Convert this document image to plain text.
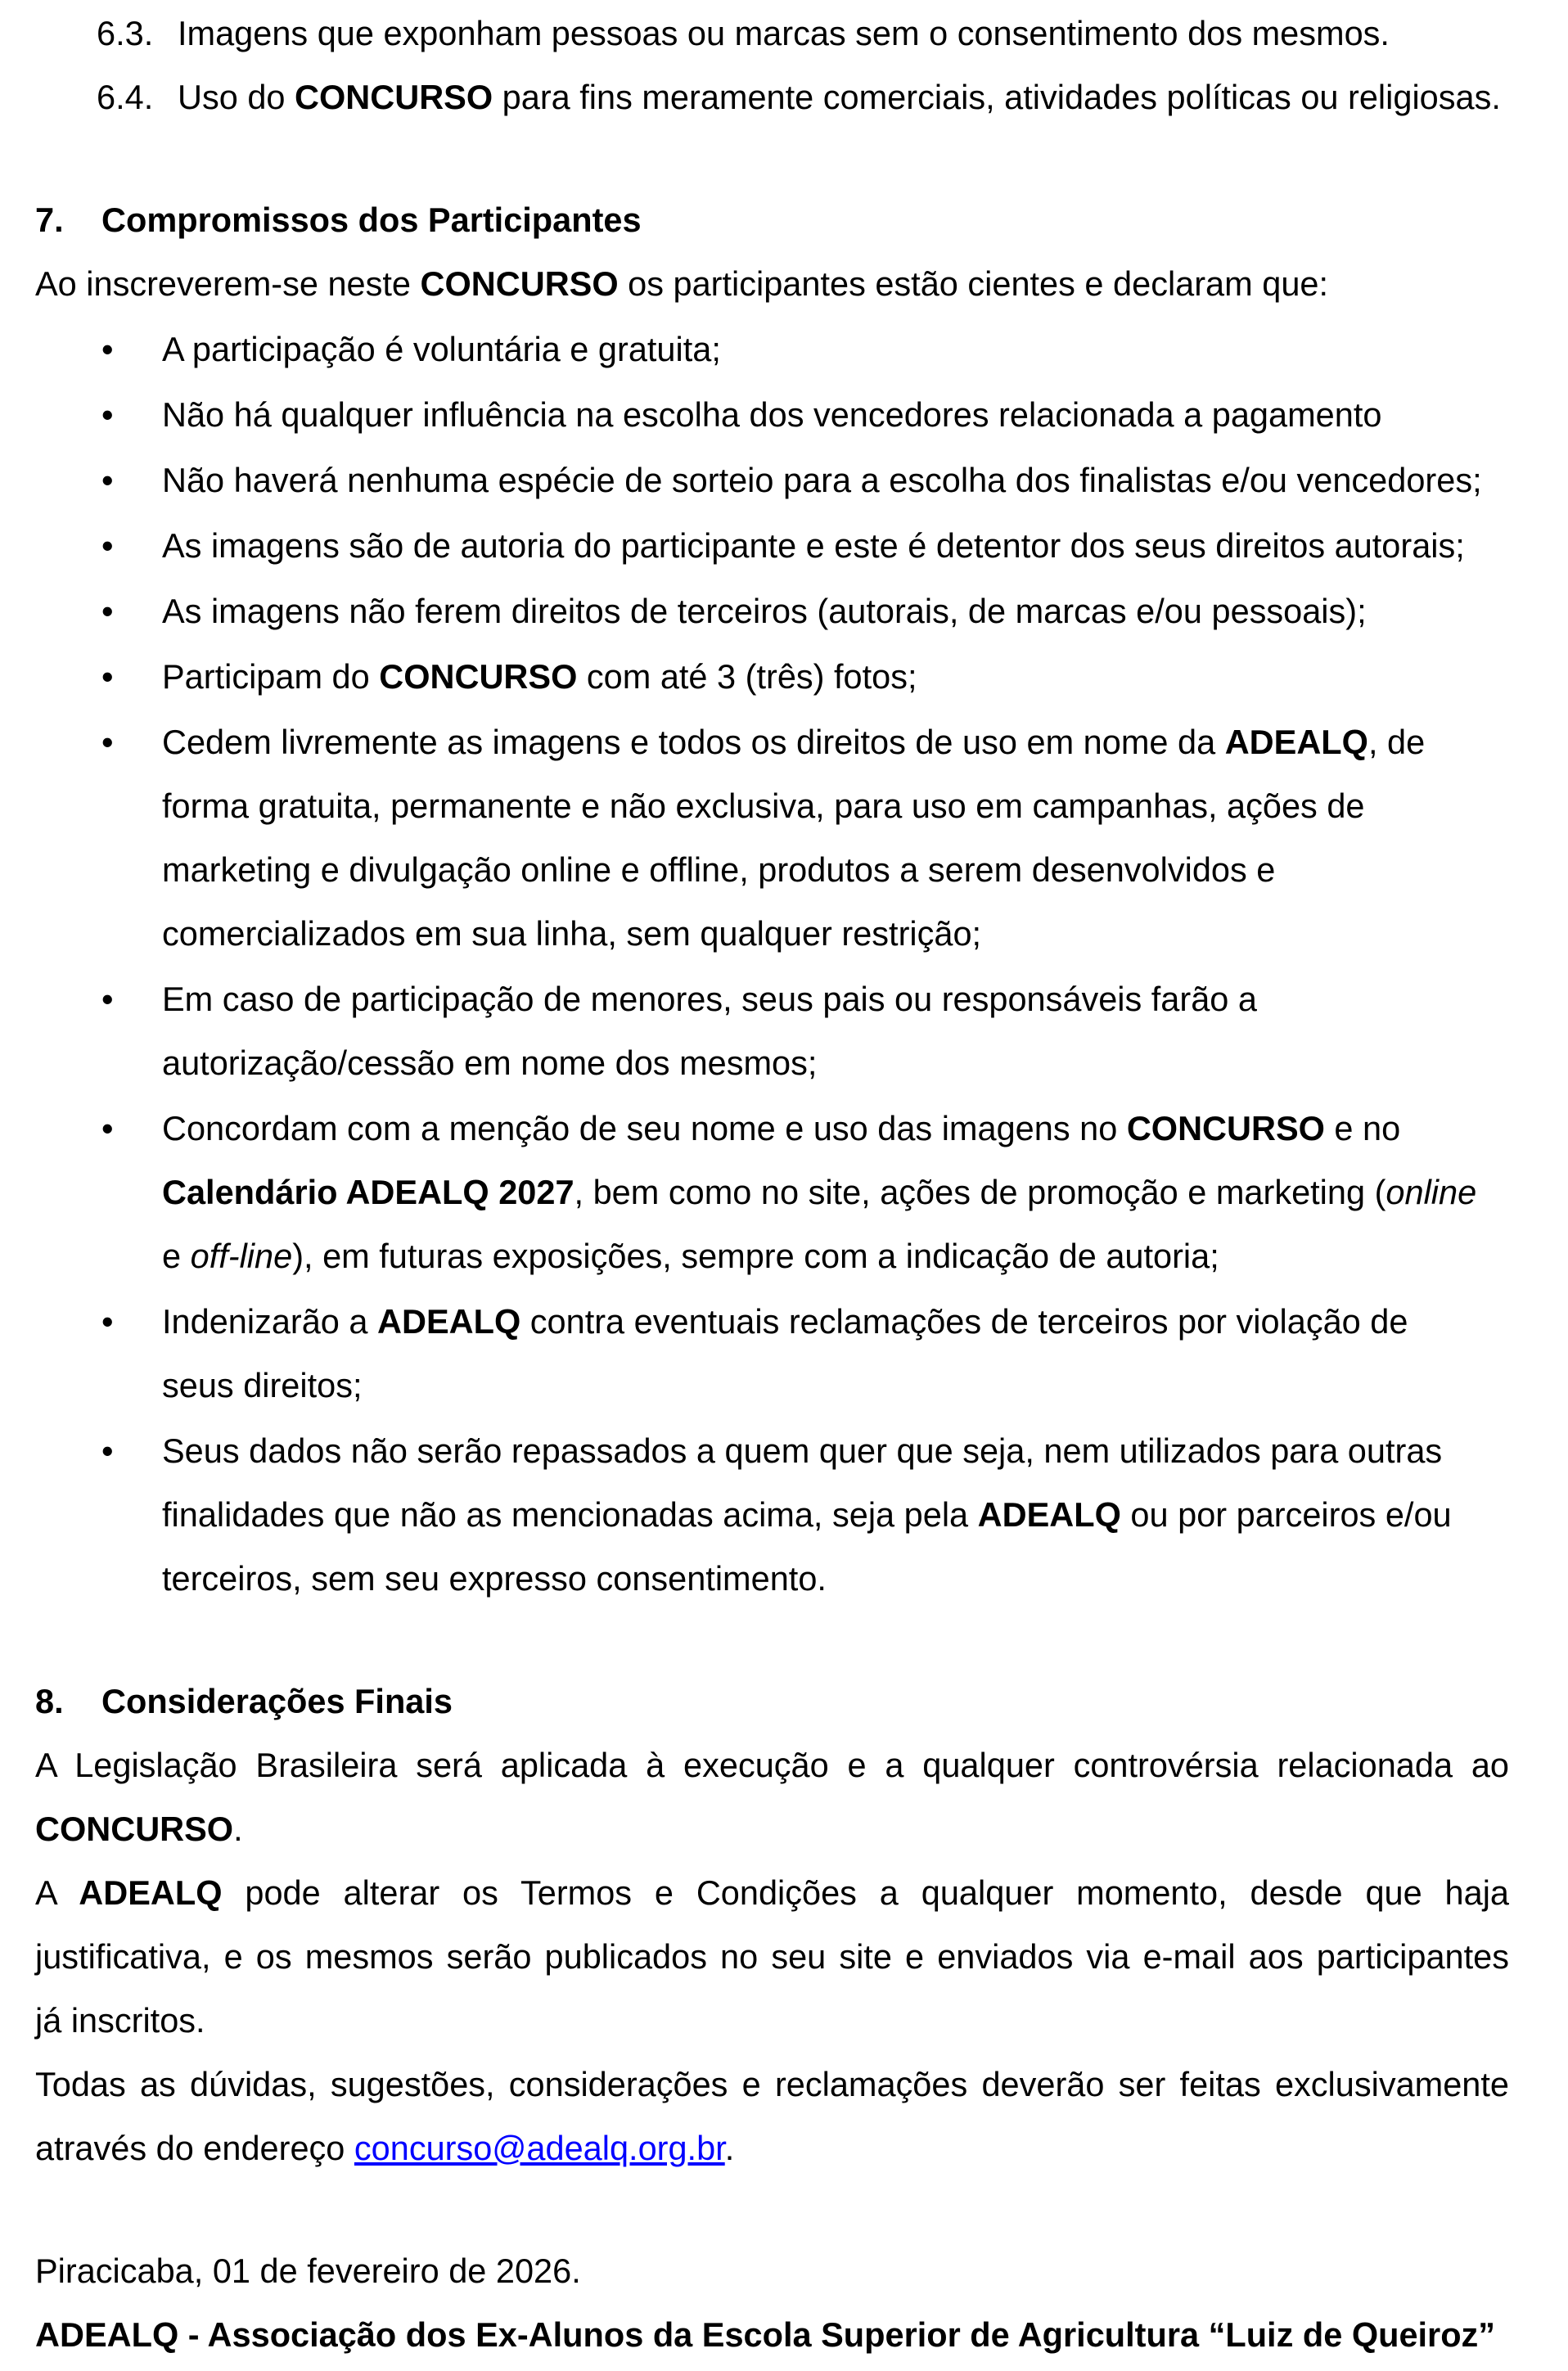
6.3. Imagens que exponham pessoas ou marcas sem o consentimento dos mesmos.
6.4. Uso do CONCURSO para fins meramente comerciais, atividades políticas ou religiosas.
7. Compromissos dos Participantes
Ao inscreverem-se neste CONCURSO os participantes estão cientes e declaram que:
• A participação é voluntária e gratuita;
• Não há qualquer influência na escolha dos vencedores relacionada a pagamento
• Não haverá nenhuma espécie de sorteio para a escolha dos finalistas e/ou vencedores;
• As imagens são de autoria do participante e este é detentor dos seus direitos autorais;
• As imagens não ferem direitos de terceiros (autorais, de marcas e/ou pessoais);
• Participam do CONCURSO com até 3 (três) fotos;
• Cedem livremente as imagens e todos os direitos de uso em nome da ADEALQ, de
forma gratuita, permanente e não exclusiva, para uso em campanhas, ações de
marketing e divulgação online e offline, produtos a serem desenvolvidos e
comercializados em sua linha, sem qualquer restrição;
• Em caso de participação de menores, seus pais ou responsáveis farão a
autorização/cessão em nome dos mesmos;
• Concordam com a menção de seu nome e uso das imagens no CONCURSO e no
Calendário ADEALQ 2027, bem como no site, ações de promoção e marketing (online
e off-line), em futuras exposições, sempre com a indicação de autoria;
• Indenizarão a ADEALQ contra eventuais reclamações de terceiros por violação de
seus direitos;
• Seus dados não serão repassados a quem quer que seja, nem utilizados para outras
finalidades que não as mencionadas acima, seja pela ADEALQ ou por parceiros e/ou
terceiros, sem seu expresso consentimento.
8. Considerações Finais
A Legislação Brasileira será aplicada à execução e a qualquer controvérsia relacionada ao
CONCURSO.
A ADEALQ pode alterar os Termos e Condições a qualquer momento, desde que haja
justificativa, e os mesmos serão publicados no seu site e enviados via e-mail aos participantes
já inscritos.
Todas as dúvidas, sugestões, considerações e reclamações deverão ser feitas exclusivamente
através do endereço concurso@adealq.org.br.
Piracicaba, 01 de fevereiro de 2026.
ADEALQ - Associação dos Ex-Alunos da Escola Superior de Agricultura “Luiz de Queiroz”
